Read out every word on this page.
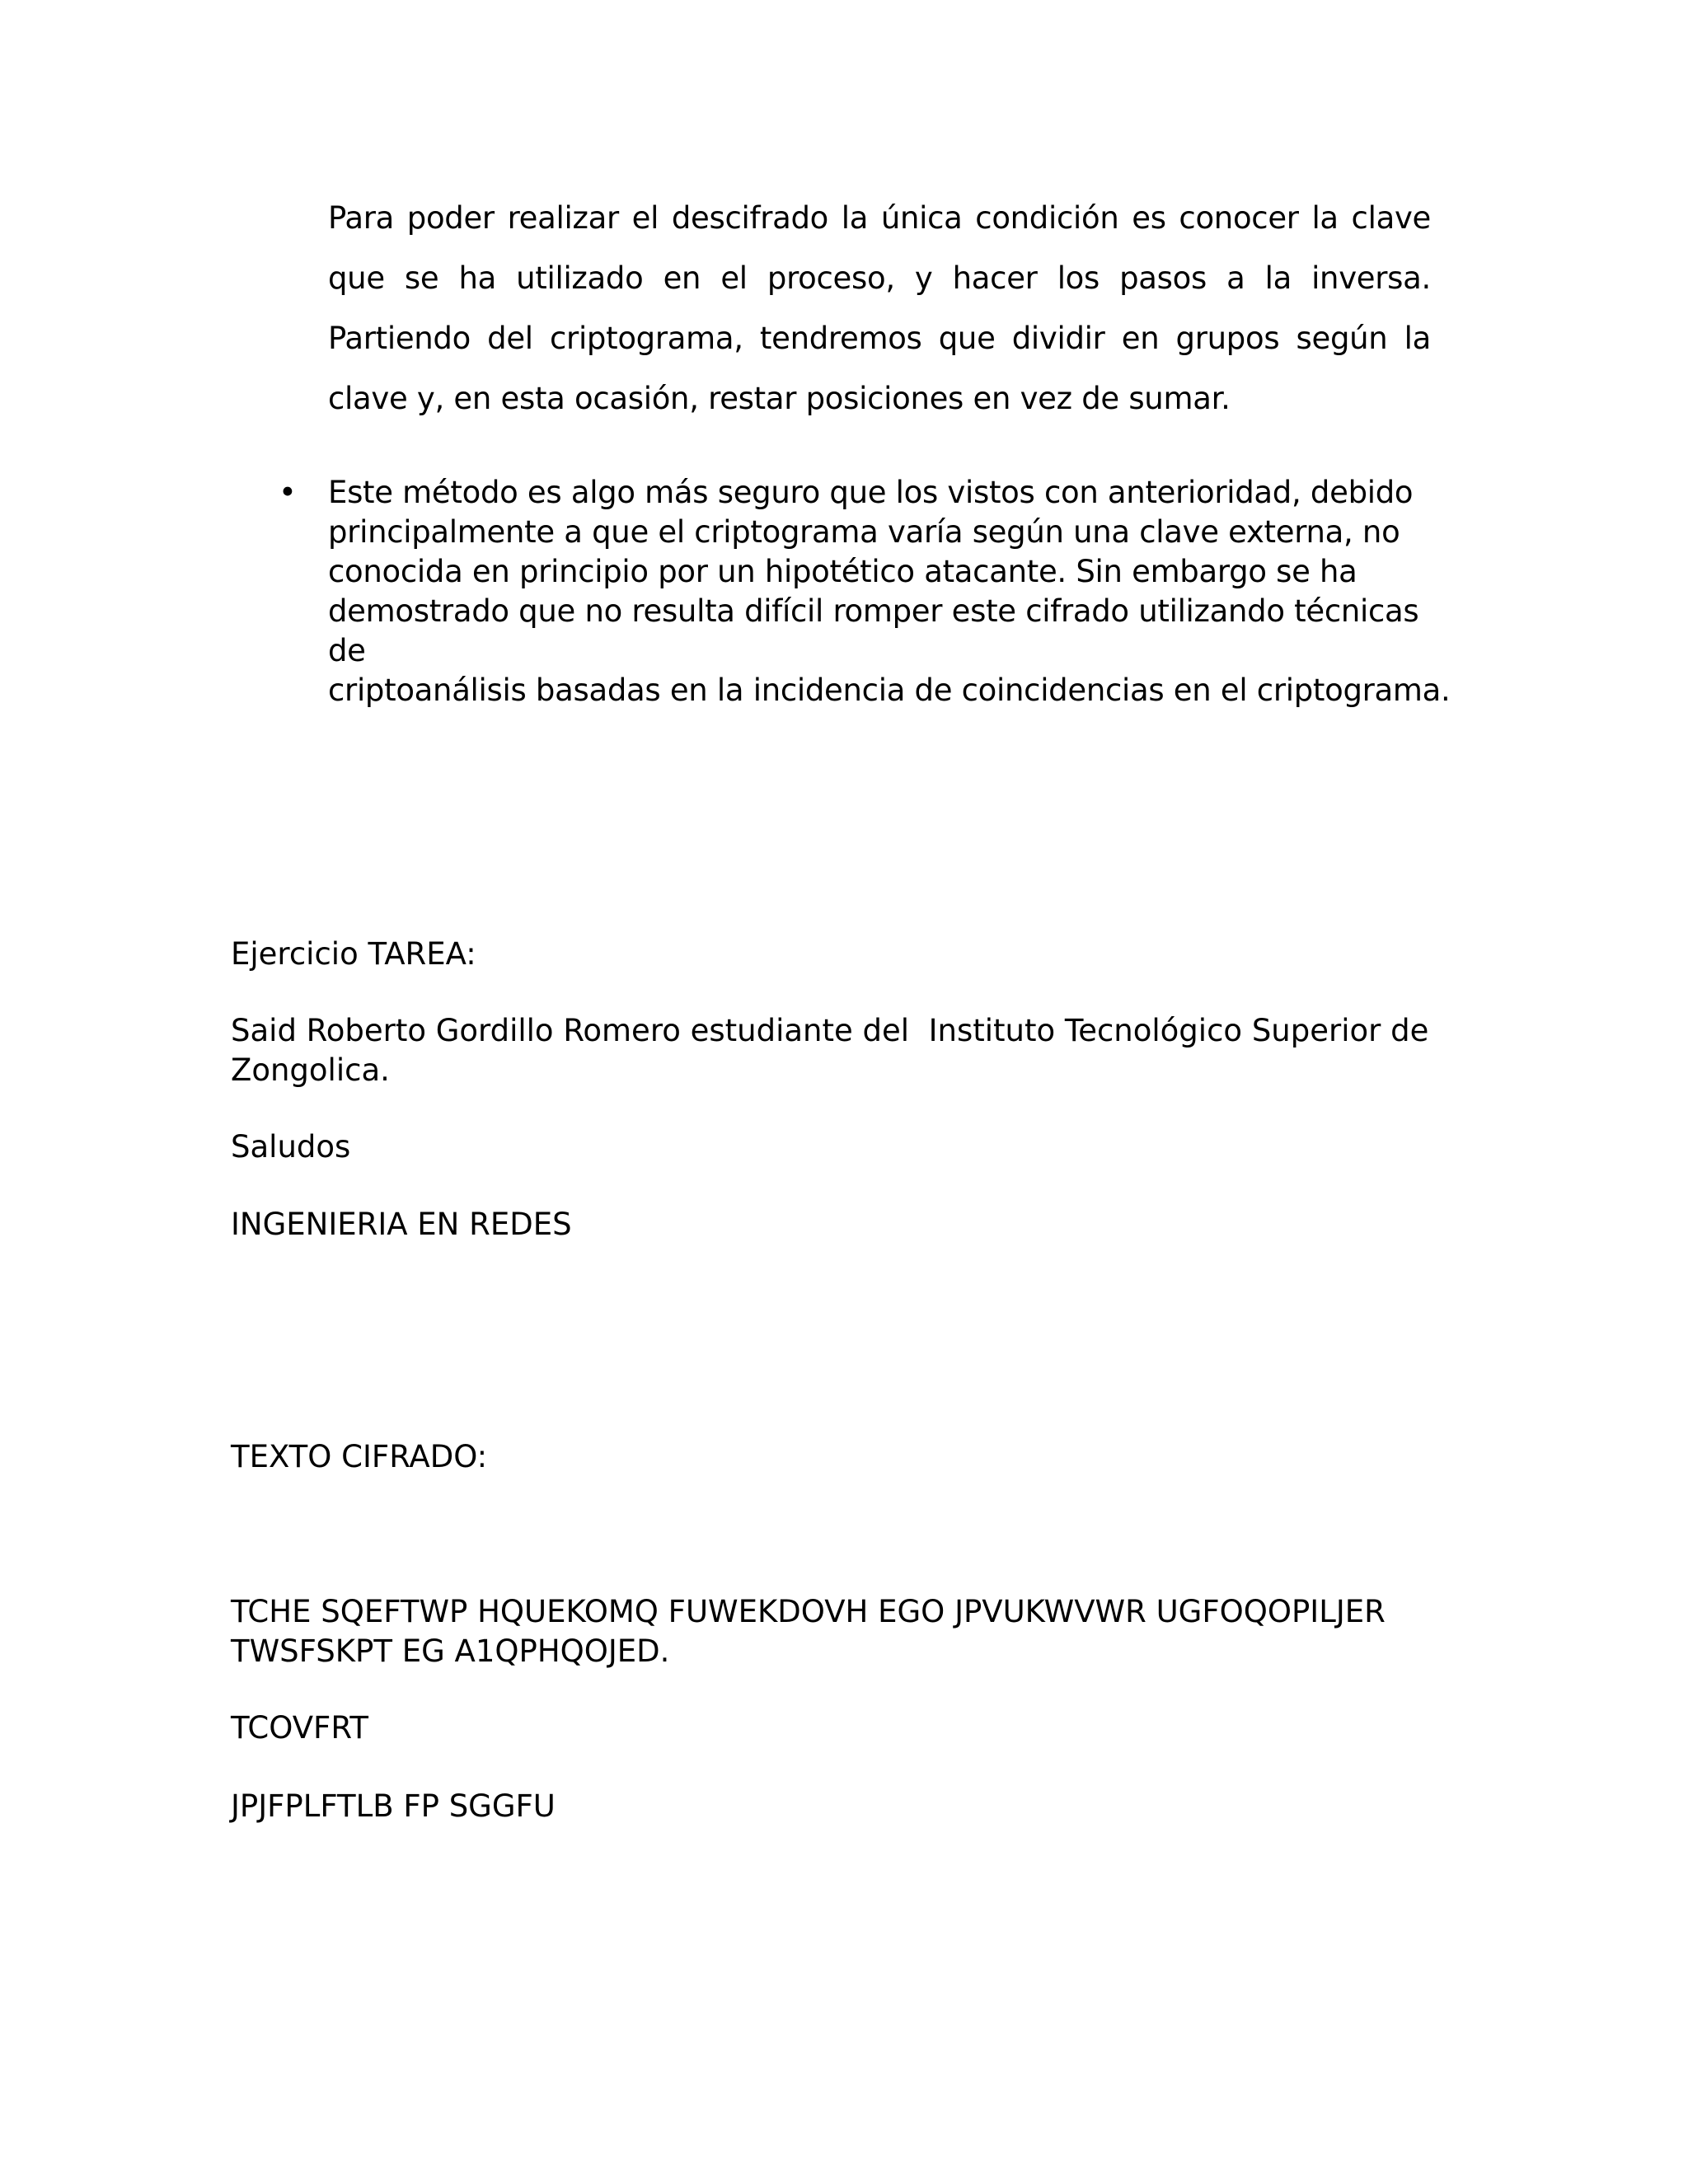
Para poder realizar el descifrado la única condición es conocer la clave que se ha utilizado en el proceso, y hacer los pasos a la inversa. Partiendo del criptograma, tendremos que dividir en grupos según la clave y, en esta ocasión, restar posiciones en vez de sumar.
• Este método es algo más seguro que los vistos con anterioridad, debido
principalmente a que el criptograma varía según una clave externa, no
conocida en principio por un hipotético atacante. Sin embargo se ha
demostrado que no resulta difícil romper este cifrado utilizando técnicas de
criptoanálisis basadas en la incidencia de coincidencias en el criptograma.
Ejercicio TAREA:
Said Roberto Gordillo Romero estudiante del  Instituto Tecnológico Superior de
Zongolica.
Saludos
INGENIERIA EN REDES
TEXTO CIFRADO:
TCHE SQEFTWP HQUEKOMQ FUWEKDOVH EGO JPVUKWVWR UGFOQOPILJER
TWSFSKPT EG A1QPHQOJED.
TCOVFRT
JPJFPLFTLB FP SGGFU
